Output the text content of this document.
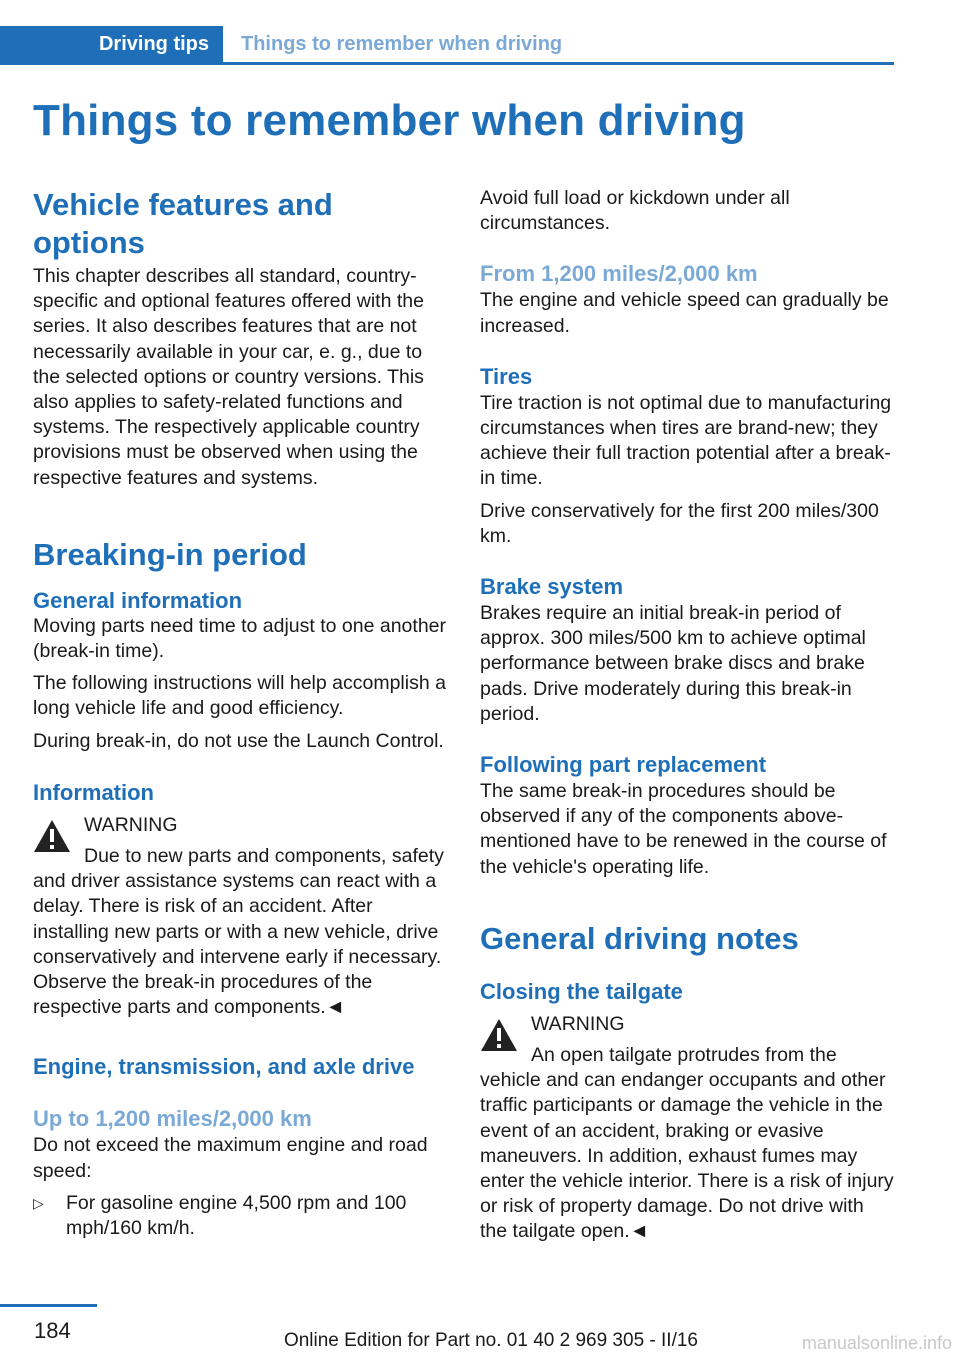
Driving tips	Things to remember when driving
Things to remember when driving
Vehicle features and options

This chapter describes all standard, country-specific and optional features offered with the series. It also describes features that are not necessarily available in your car, e. g., due to the selected options or country versions. This also applies to safety-related functions and systems. The respectively applicable country provisions must be observed when using the respective features and systems.

Breaking-in period
General information

Moving parts need time to adjust to one another (break-in time).

The following instructions will help accomplish a long vehicle life and good efficiency.

During break-in, do not use the Launch Control.

Information
WARNING
Due to new parts and components, safety and driver assistance systems can react with a delay. There is risk of an accident. After installing new parts or with a new vehicle, drive conservatively and intervene early if necessary. Observe the break-in procedures of the respective parts and components.◄
Engine, transmission, and axle drive
Up to 1,200 miles/2,000 km

Do not exceed the maximum engine and road speed:

▷ For gasoline engine 4,500 rpm and 100 mph/160 km/h.

Avoid full load or kickdown under all circumstances.

From 1,200 miles/2,000 km

The engine and vehicle speed can gradually be increased.

Tires

Tire traction is not optimal due to manufacturing circumstances when tires are brand-new; they achieve their full traction potential after a break-in time.

Drive conservatively for the first 200 miles/300 km.

Brake system

Brakes require an initial break-in period of approx. 300 miles/500 km to achieve optimal performance between brake discs and brake pads. Drive moderately during this break-in period.

Following part replacement

The same break-in procedures should be observed if any of the components above-mentioned have to be renewed in the course of the vehicle's operating life.

General driving notes
Closing the tailgate
WARNING
An open tailgate protrudes from the vehicle and can endanger occupants and other traffic participants or damage the vehicle in the event of an accident, braking or evasive maneuvers. In addition, exhaust fumes may enter the vehicle interior. There is a risk of injury or risk of property damage. Do not drive with the tailgate open.◄
184	Online Edition for Part no. 01 40 2 969 305 - II/16	manualsonline.info
